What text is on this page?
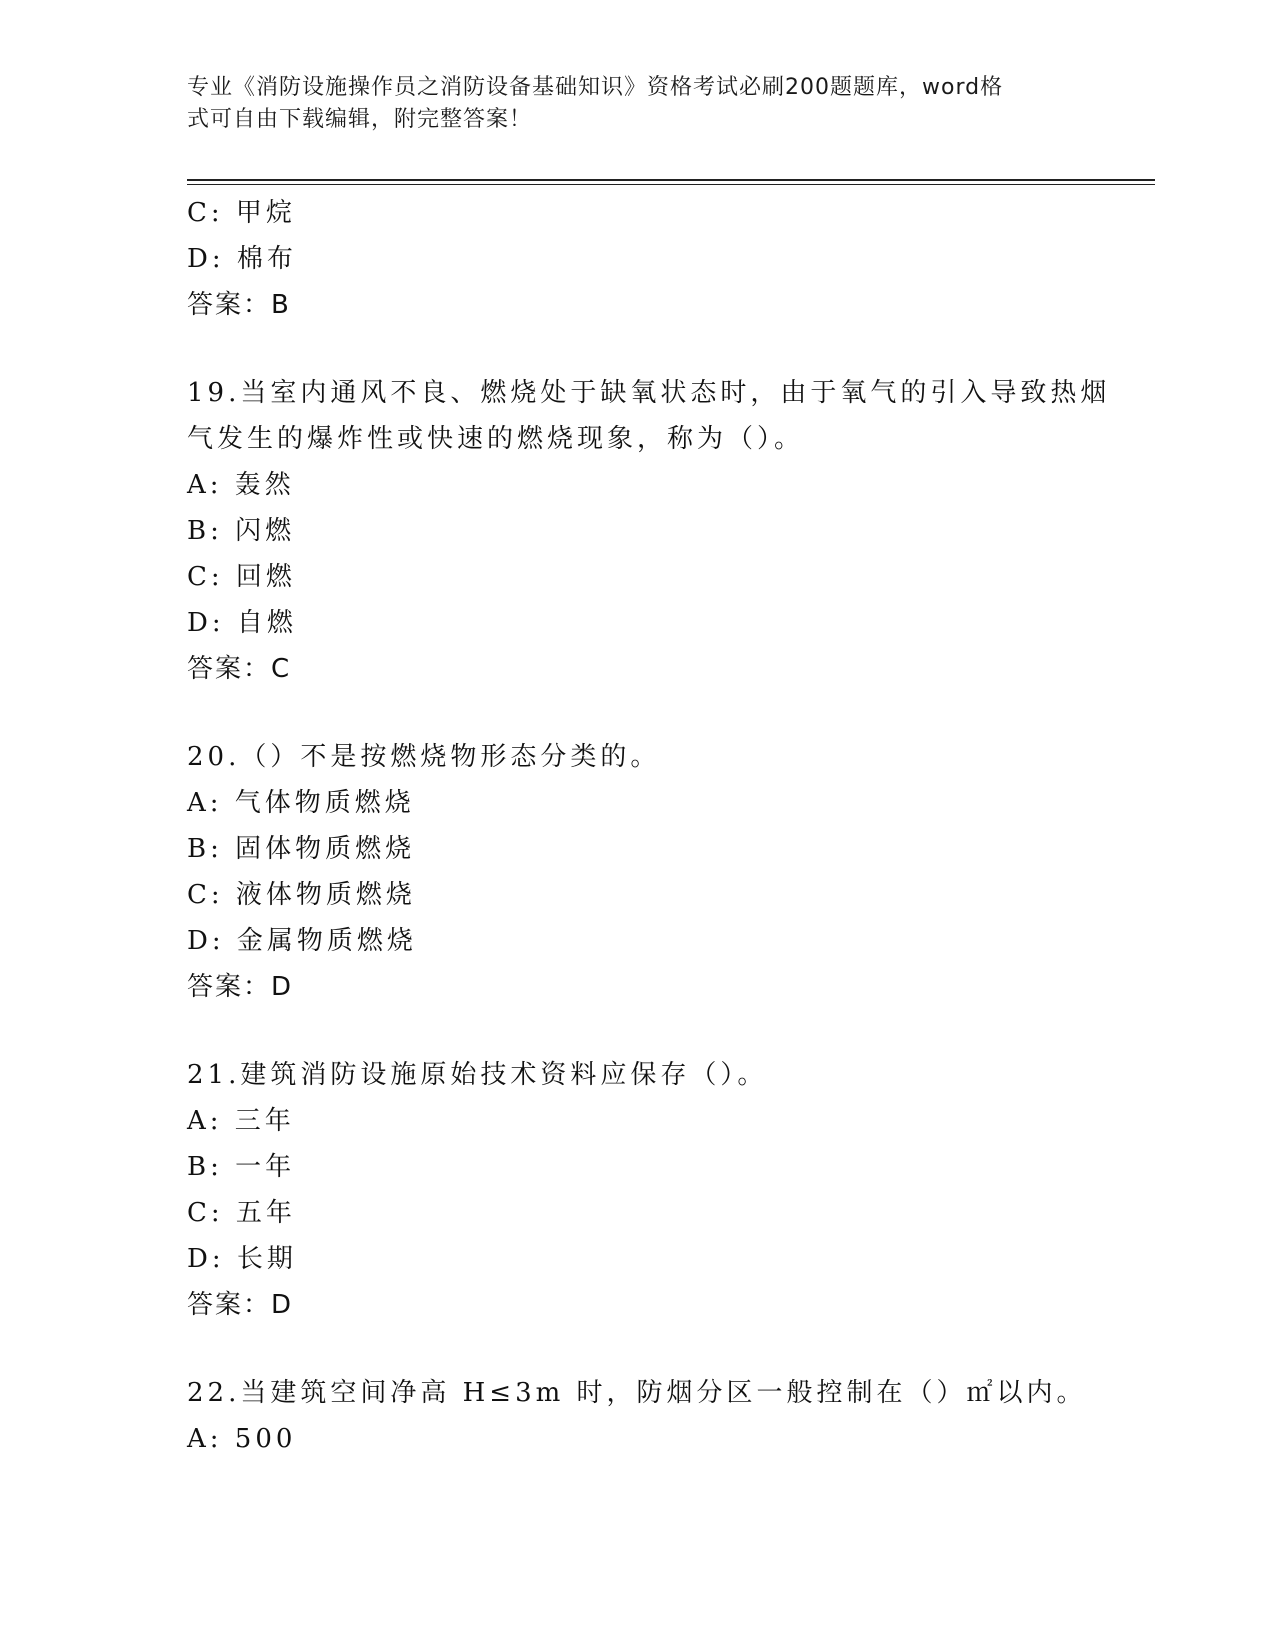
专业《消防设施操作员之消防设备基础知识》资格考试必刷200题题库，word格
式可自由下载编辑，附完整答案！
C: 甲烷
D: 棉布
答案：B
19.当室内通风不良、燃烧处于缺氧状态时，由于氧气的引入导致热烟
气发生的爆炸性或快速的燃烧现象，称为（）。
A: 轰然
B: 闪燃
C: 回燃
D: 自燃
答案：C
20.（）不是按燃烧物形态分类的。
A: 气体物质燃烧
B: 固体物质燃烧
C: 液体物质燃烧
D: 金属物质燃烧
答案：D
21.建筑消防设施原始技术资料应保存（）。
A: 三年
B: 一年
C: 五年
D: 长期
答案：D
22.当建筑空间净高 H≤3m 时，防烟分区一般控制在（）㎡以内。
A: 500
